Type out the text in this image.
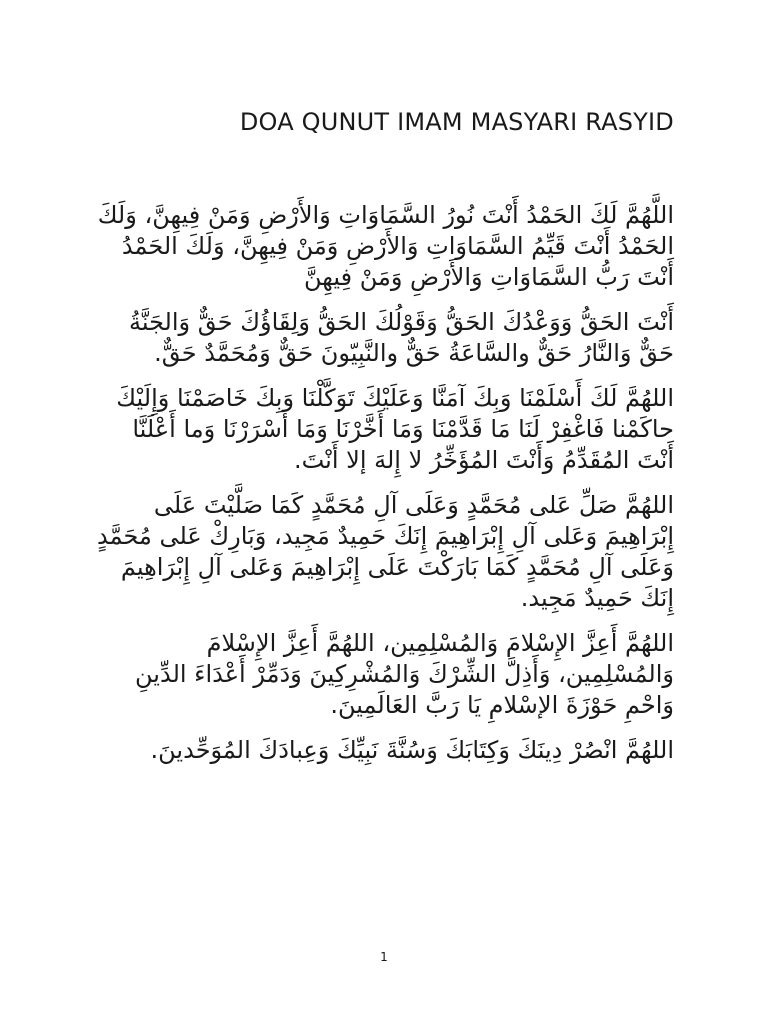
DOA QUNUT IMAM MASYARI RASYID

اللَّهُمَّ لَكَ الحَمْدُ أَنْتَ نُورُ السَّمَاوَاتِ وَالأَرْضِ وَمَنْ فِيهِنَّ، وَلَكَ الحَمْدُ أَنْتَ قَيِّمُ السَّمَاوَاتِ وَالأَرْضِ وَمَنْ فِيهِنَّ، وَلَكَ الحَمْدُ أَنْتَ رَبُّ السَّمَاوَاتِ وَالأَرْضِ وَمَنْ فِيهِنَّ

أَنْتَ الحَقُّ وَوَعْدُكَ الحَقُّ وَقَوْلُكَ الحَقُّ وَلِقَاؤُكَ حَقٌّ وَالجَنَّةُ حَقٌّ وَالنَّارُ حَقٌّ والسَّاعَةُ حَقٌّ والنَّبِيّونَ حَقٌّ وَمُحَمَّدٌ حَقٌّ.

اللهُمَّ لَكَ أَسْلَمْنَا وَبِكَ آمَنَّا وَعَلَيْكَ تَوَكَّلْنَا وَبِكَ خَاصَمْنَا وَإِلَيْكَ حاكَمْنا فَاغْفِرْ لَنَا مَا قَدَّمْنَا وَمَا أَخَّرْنَا وَمَا أَسْرَرْنَا وَما أَعْلَنَّا أَنْتَ المُقَدِّمُ وَأَنْتَ المُؤَخِّرُ لا إِلهَ إلا أَنْتَ.

اللهُمَّ صَلِّ عَلى مُحَمَّدٍ وَعَلَى آلِ مُحَمَّدٍ كَمَا صَلَّيْتَ عَلَى إِبْرَاهِيمَ وَعَلى آلِ إِبْرَاهِيمَ إِنَكَ حَمِيدٌ مَجِيد، وَبَارِكْ عَلى مُحَمَّدٍ وَعَلَى آلِ مُحَمَّدٍ كَمَا بَارَكْتَ عَلَى إِبْرَاهِيمَ وَعَلى آلِ إِبْرَاهِيمَ إِنَكَ حَمِيدٌ مَجِيد.

اللهُمَّ أَعِزَّ الإِسْلامَ وَالمُسْلِمِين، اللهُمَّ أَعِزَّ الإِسْلامَ وَالمُسْلِمِين، وَأَذِلَّ الشِّرْكَ وَالمُشْرِكِينَ وَدَمِّرْ أَعْدَاءَ الدِّينِ وَاحْمِ حَوْزَةَ الإسْلامِ يَا رَبَّ العَالَمِينَ.

اللهُمَّ انْصُرْ دِينَكَ وَكِتَابَكَ وَسُنَّةَ نَبِيِّكَ وَعِبادَكَ المُوَحِّدينَ.

1
